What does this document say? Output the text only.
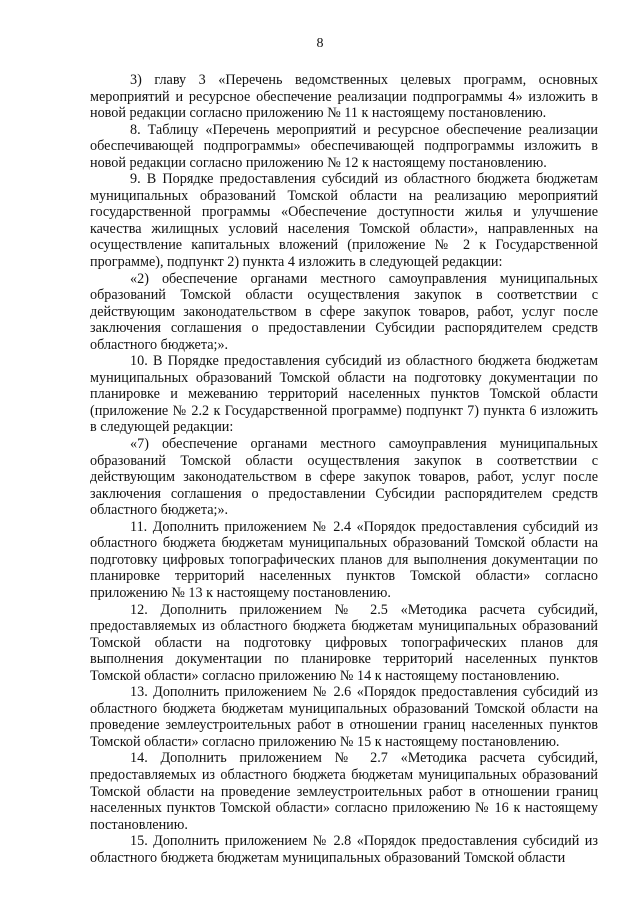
8

3) главу 3 «Перечень ведомственных целевых программ, основных мероприятий и ресурсное обеспечение реализации подпрограммы 4» изложить в новой редакции согласно приложению № 11 к настоящему постановлению.

8. Таблицу «Перечень мероприятий и ресурсное обеспечение реализации обеспечивающей подпрограммы» обеспечивающей подпрограммы изложить в новой редакции согласно приложению № 12 к настоящему постановлению.

9. В Порядке предоставления субсидий из областного бюджета бюджетам муниципальных образований Томской области на реализацию мероприятий государственной программы «Обеспечение доступности жилья и улучшение качества жилищных условий населения Томской области», направленных на осуществление капитальных вложений (приложение № 2 к Государственной программе), подпункт 2) пункта 4 изложить в следующей редакции:

«2) обеспечение органами местного самоуправления муниципальных образований Томской области осуществления закупок в соответствии с действующим законодательством в сфере закупок товаров, работ, услуг после заключения соглашения о предоставлении Субсидии распорядителем средств областного бюджета;».

10. В Порядке предоставления субсидий из областного бюджета бюджетам муниципальных образований Томской области на подготовку документации по планировке и межеванию территорий населенных пунктов Томской области (приложение № 2.2 к Государственной программе) подпункт 7) пункта 6 изложить в следующей редакции:

«7) обеспечение органами местного самоуправления муниципальных образований Томской области осуществления закупок в соответствии с действующим законодательством в сфере закупок товаров, работ, услуг после заключения соглашения о предоставлении Субсидии распорядителем средств областного бюджета;».

11. Дополнить приложением № 2.4 «Порядок предоставления субсидий из областного бюджета бюджетам муниципальных образований Томской области на подготовку цифровых топографических планов для выполнения документации по планировке территорий населенных пунктов Томской области» согласно приложению № 13 к настоящему постановлению.

12. Дополнить приложением № 2.5 «Методика расчета субсидий, предоставляемых из областного бюджета бюджетам муниципальных образований Томской области на подготовку цифровых топографических планов для выполнения документации по планировке территорий населенных пунктов Томской области» согласно приложению № 14 к настоящему постановлению.

13. Дополнить приложением № 2.6 «Порядок предоставления субсидий из областного бюджета бюджетам муниципальных образований Томской области на проведение землеустроительных работ в отношении границ населенных пунктов Томской области» согласно приложению № 15 к настоящему постановлению.

14. Дополнить приложением № 2.7 «Методика расчета субсидий, предоставляемых из областного бюджета бюджетам муниципальных образований Томской области на проведение землеустроительных работ в отношении границ населенных пунктов Томской области» согласно приложению № 16 к настоящему постановлению.

15. Дополнить приложением № 2.8 «Порядок предоставления субсидий из областного бюджета бюджетам муниципальных образований Томской области
